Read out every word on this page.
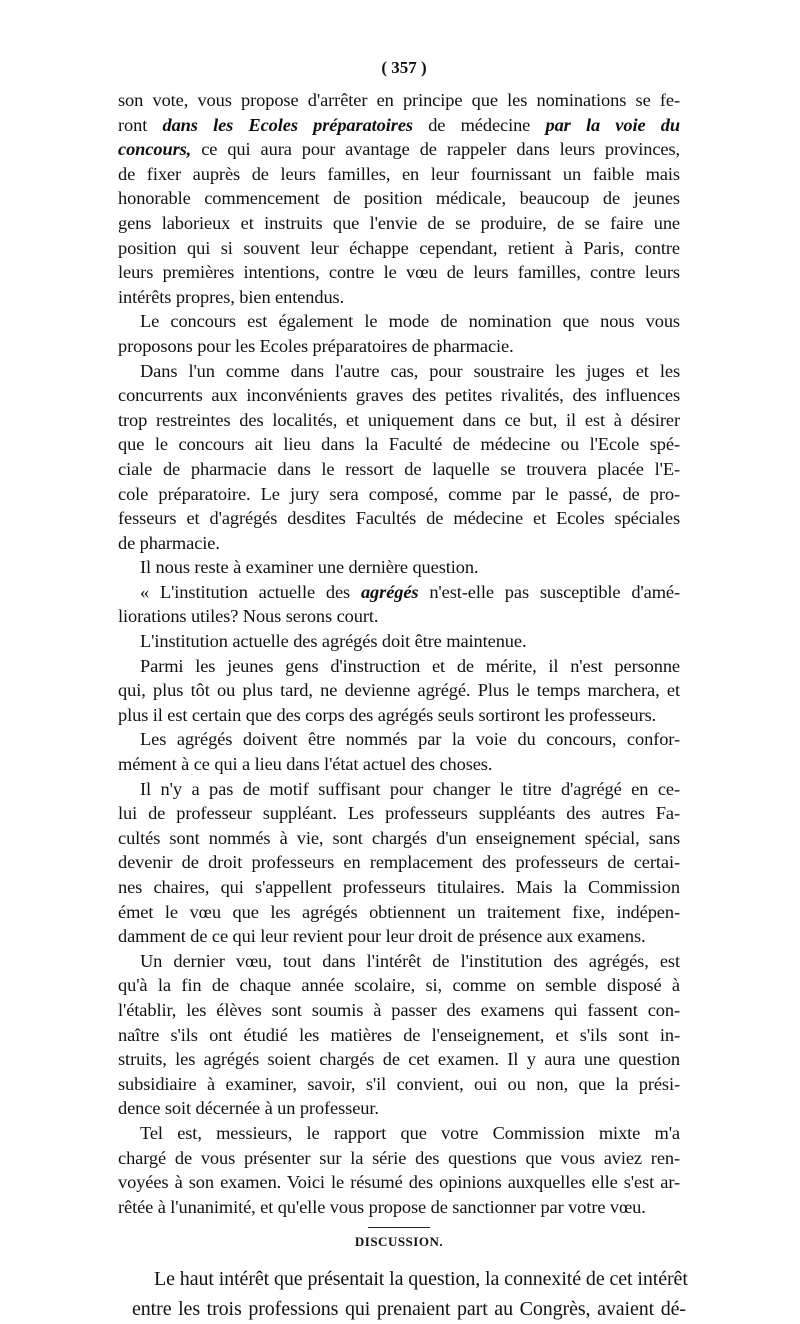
( 357 )
son vote, vous propose d'arrêter en principe que les nominations se fe-
ront dans les Ecoles préparatoires de médecine par la voie du
concours, ce qui aura pour avantage de rappeler dans leurs provinces,
de fixer auprès de leurs familles, en leur fournissant un faible mais
honorable commencement de position médicale, beaucoup de jeunes
gens laborieux et instruits que l'envie de se produire, de se faire une
position qui si souvent leur échappe cependant, retient à Paris, contre
leurs premières intentions, contre le vœu de leurs familles, contre leurs
intérêts propres, bien entendus.
Le concours est également le mode de nomination que nous vous
proposons pour les Ecoles préparatoires de pharmacie.
Dans l'un comme dans l'autre cas, pour soustraire les juges et les
concurrents aux inconvénients graves des petites rivalités, des influences
trop restreintes des localités, et uniquement dans ce but, il est à désirer
que le concours ait lieu dans la Faculté de médecine ou l'Ecole spé-
ciale de pharmacie dans le ressort de laquelle se trouvera placée l'E-
cole préparatoire. Le jury sera composé, comme par le passé, de pro-
fesseurs et d'agrégés desdites Facultés de médecine et Ecoles spéciales
de pharmacie.
Il nous reste à examiner une dernière question.
« L'institution actuelle des agrégés n'est-elle pas susceptible d'amé-
liorations utiles? Nous serons court.
L'institution actuelle des agrégés doit être maintenue.
Parmi les jeunes gens d'instruction et de mérite, il n'est personne
qui, plus tôt ou plus tard, ne devienne agrégé. Plus le temps marchera, et
plus il est certain que des corps des agrégés seuls sortiront les professeurs.
Les agrégés doivent être nommés par la voie du concours, confor-
mément à ce qui a lieu dans l'état actuel des choses.
Il n'y a pas de motif suffisant pour changer le titre d'agrégé en ce-
lui de professeur suppléant. Les professeurs suppléants des autres Fa-
cultés sont nommés à vie, sont chargés d'un enseignement spécial, sans
devenir de droit professeurs en remplacement des professeurs de certai-
nes chaires, qui s'appellent professeurs titulaires. Mais la Commission
émet le vœu que les agrégés obtiennent un traitement fixe, indépen-
damment de ce qui leur revient pour leur droit de présence aux examens.
Un dernier vœu, tout dans l'intérêt de l'institution des agrégés, est
qu'à la fin de chaque année scolaire, si, comme on semble disposé à
l'établir, les élèves sont soumis à passer des examens qui fassent con-
naître s'ils ont étudié les matières de l'enseignement, et s'ils sont in-
struits, les agrégés soient chargés de cet examen. Il y aura une question
subsidiaire à examiner, savoir, s'il convient, oui ou non, que la prési-
dence soit décernée à un professeur.
Tel est, messieurs, le rapport que votre Commission mixte m'a
chargé de vous présenter sur la série des questions que vous aviez ren-
voyées à son examen. Voici le résumé des opinions auxquelles elle s'est ar-
rêtée à l'unanimité, et qu'elle vous propose de sanctionner par votre vœu.
DISCUSSION.
Le haut intérêt que présentait la question, la connexité de cet intérêt
entre les trois professions qui prenaient part au Congrès, avaient dé-
